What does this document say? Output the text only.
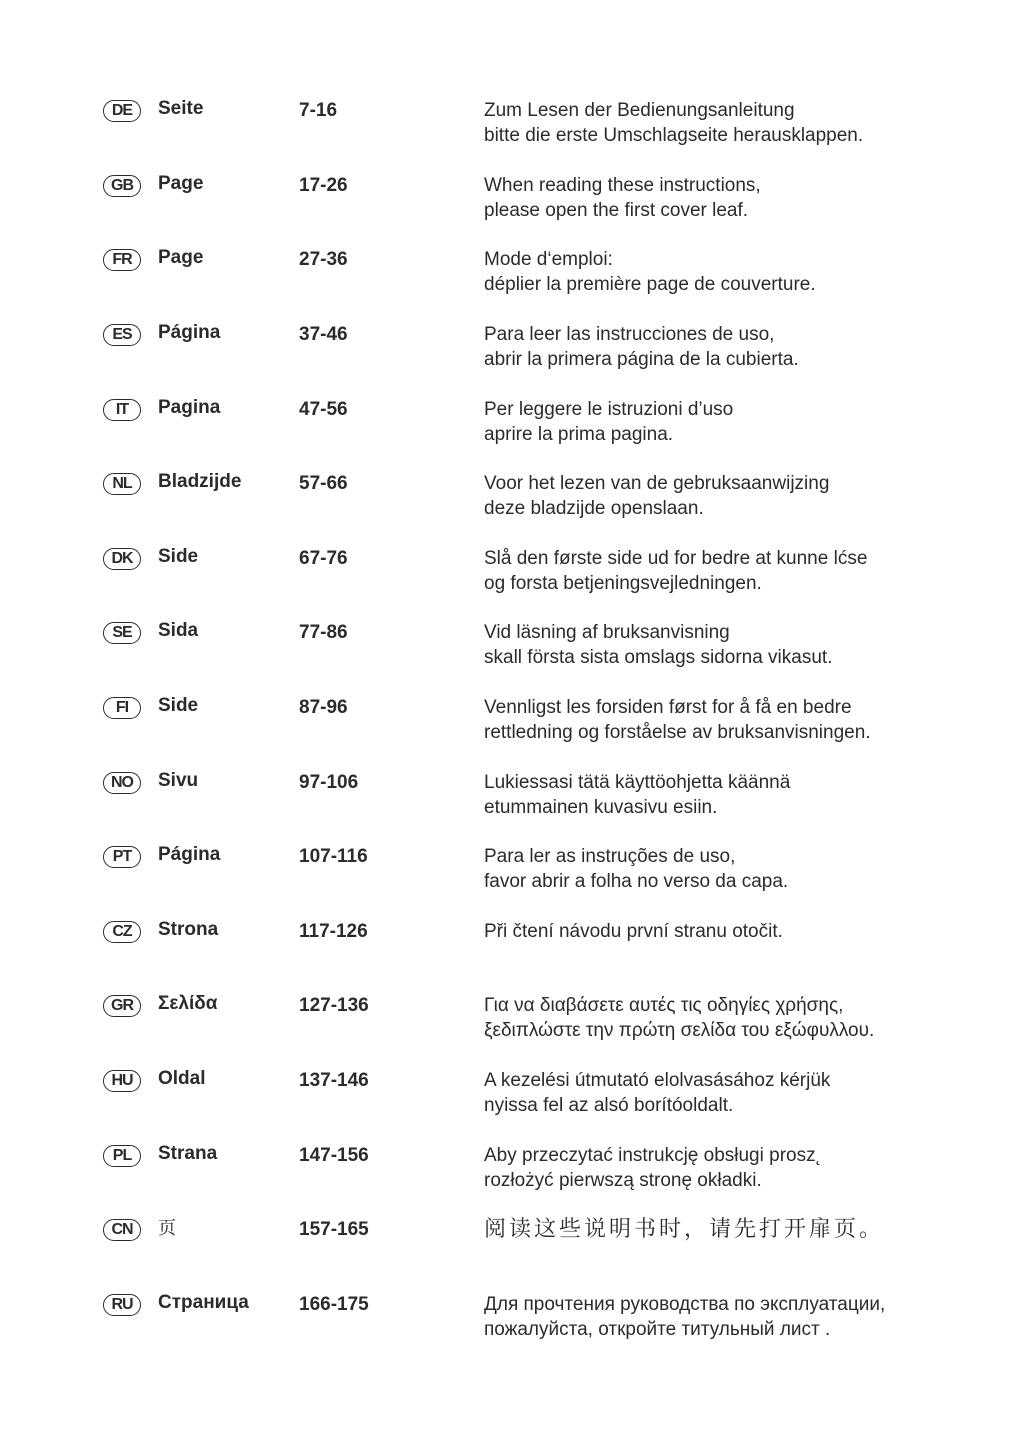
DE	Seite	7-16	Zum Lesen der Bedienungsanleitung
bitte die erste Umschlagseite herausklappen.
GB	Page	17-26	When reading these instructions,
please open the first cover leaf.
FR	Page	27-36	Mode d‘emploi:
déplier la première page de couverture.
ES	Página	37-46	Para leer las instrucciones de uso,
abrir la primera página de la cubierta.
IT	Pagina	47-56	Per leggere le istruzioni d’uso
aprire la prima pagina.
NL	Bladzijde	57-66	Voor het lezen van de gebruksaanwijzing
deze bladzijde openslaan.
DK	Side	67-76	Slå den første side ud for bedre at kunne lćse
og forsta betjeningsvejledningen.
SE	Sida	77-86	Vid läsning af bruksanvisning
skall första sista omslags sidorna vikasut.
FI	Side	87-96	Vennligst les forsiden først for å få en bedre
rettledning og forståelse av bruksanvisningen.
NO	Sivu	97-106	Lukiessasi tätä käyttöohjetta käännä
etummainen kuvasivu esiin.
PT	Página	107-116	Para ler as instruções de uso,
favor abrir a folha no verso da capa.
CZ	Strona	117-126	Při čtení návodu první stranu otočit.
GR	Σελίδα	127-136	Για να διαβάσετε αυτές τις οδηγίες χρήσης,
ξεδιπλώστε την πρώτη σελίδα του εξώφυλλου.
HU	Oldal	137-146	A kezelési útmutató elolvasásához kérjük
nyissa fel az alsó borítóoldalt.
PL	Strana	147-156	Aby przeczytać instrukcję obsługi prosz˛
rozłożyć pierwszą stronę okładki.
CN	页	157-165	阅读这些说明书时，请先打开扉页。
RU	Страница	166-175	Для прочтения руководства по эксплуатации,
пожалуйста, откройте титульный лист .
